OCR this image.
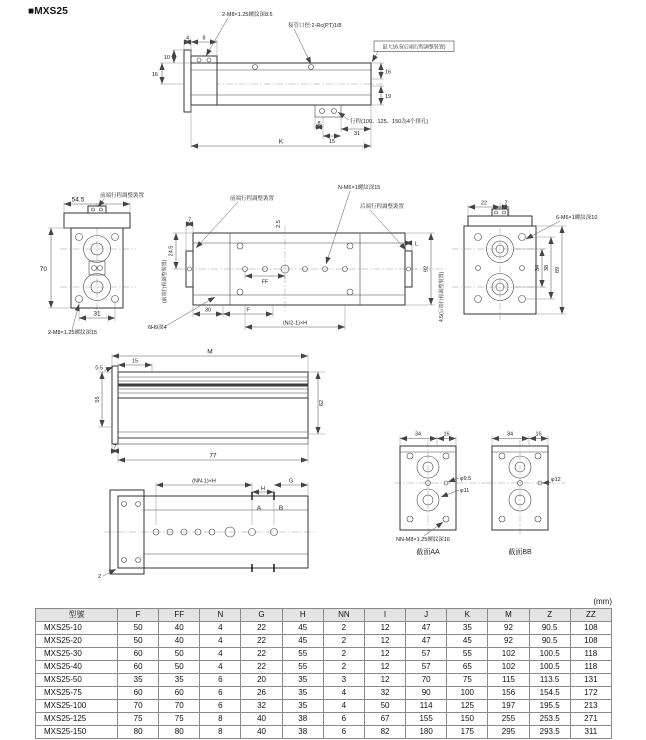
■MXS25
4 8
10
16	16
19
8
15
31
K
2-M8×1.25螺紋深8.5
接管口徑:2-Rc(PT)1/8
最大16.5(后端行程調整裝置)
行程(100、125、150為4个排孔)
54.5
70
31
前端行程調整裝置
2-M8×1.25螺紋深15
7	2.5
24.5
L
92
30	F
(N/2-1)×H
FF
前端行程調整裝置
N-M6×1螺紋深15
后端行程調整裝置
(前端行程調整裝置)	4.5(后端行程調整裝置)
6H9深4
22	7
34 38 89
6-M6×1螺紋深10
M
15
0.5
55
62
7
77
(NN-1)×H
H
G
A	B
2
34	16
φ9.5
φ11
NN-M8×1.25螺紋深16
截面AA
34	16
φ12
截面BB
(mm)
型號	F	FF	N	G	H	NN	I	J	K	M	Z	ZZ
MXS25-10	50	40	4	22	45	2	12	47	35	92	90.5	108
MXS25-20	50	40	4	22	45	2	12	47	45	92	90.5	108
MXS25-30	60	50	4	22	55	2	12	57	55	102	100.5	118
MXS25-40	60	50	4	22	55	2	12	57	65	102	100.5	118
MXS25-50	35	35	6	20	35	3	12	70	75	115	113.5	131
MXS25-75	60	60	6	26	35	4	32	90	100	156	154.5	172
MXS25-100	70	70	6	32	35	4	50	114	125	197	195.5	213
MXS25-125	75	75	8	40	38	6	67	155	150	255	253.5	271
MXS25-150	80	80	8	40	38	6	82	180	175	295	293.5	311
